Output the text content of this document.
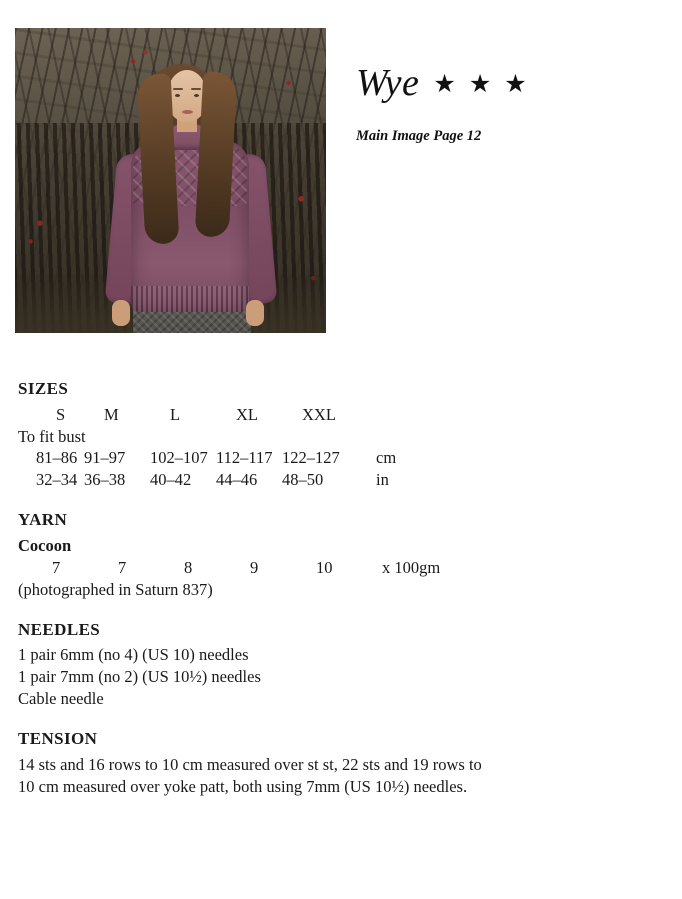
Wye ★ ★ ★
Main Image Page 12
SIZES
S	M	L	XL	XXL
To fit bust
81–86 91–97	102–107 112–117 122–127	cm
32–34 36–38	40–42	44–46	48–50	in
YARN
Cocoon
7	7	8	9	10	x 100gm
(photographed in Saturn 837)
NEEDLES
1 pair 6mm (no 4) (US 10) needles
1 pair 7mm (no 2) (US 10½) needles
Cable needle
TENSION
14 sts and 16 rows to 10 cm measured over st st, 22 sts and 19 rows to
10 cm measured over yoke patt, both using 7mm (US 10½) needles.
